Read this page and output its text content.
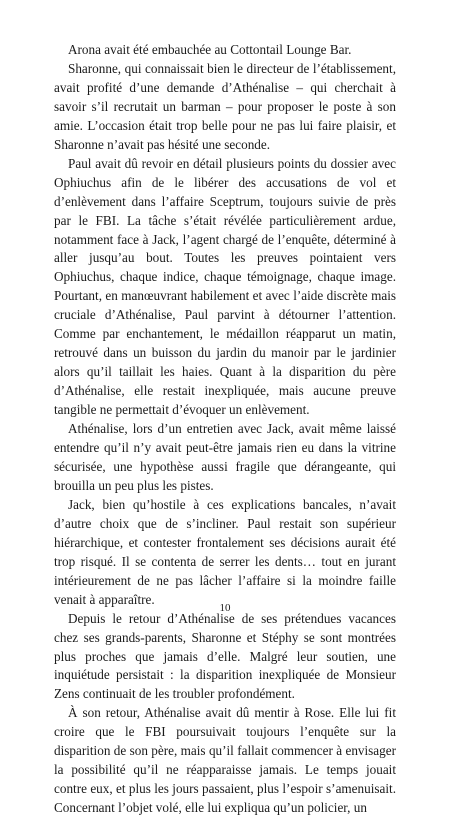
Arona avait été embauchée au Cottontail Lounge Bar.

Sharonne, qui connaissait bien le directeur de l’établissement, avait profité d’une demande d’Athénalise – qui cherchait à savoir s’il recrutait un barman – pour proposer le poste à son amie. L’occasion était trop belle pour ne pas lui faire plaisir, et Sharonne n’avait pas hésité une seconde.

Paul avait dû revoir en détail plusieurs points du dossier avec Ophiuchus afin de le libérer des accusations de vol et d’enlèvement dans l’affaire Sceptrum, toujours suivie de près par le FBI. La tâche s’était révélée particulièrement ardue, notamment face à Jack, l’agent chargé de l’enquête, déterminé à aller jusqu’au bout. Toutes les preuves pointaient vers Ophiuchus, chaque indice, chaque témoignage, chaque image. Pourtant, en manœuvrant habilement et avec l’aide discrète mais cruciale d’Athénalise, Paul parvint à détourner l’attention. Comme par enchantement, le médaillon réapparut un matin, retrouvé dans un buisson du jardin du manoir par le jardinier alors qu’il taillait les haies. Quant à la disparition du père d’Athénalise, elle restait inexpliquée, mais aucune preuve tangible ne permettait d’évoquer un enlèvement.

Athénalise, lors d’un entretien avec Jack, avait même laissé entendre qu’il n’y avait peut-être jamais rien eu dans la vitrine sécurisée, une hypothèse aussi fragile que dérangeante, qui brouilla un peu plus les pistes.

Jack, bien qu’hostile à ces explications bancales, n’avait d’autre choix que de s’incliner. Paul restait son supérieur hiérarchique, et contester frontalement ses décisions aurait été trop risqué. Il se contenta de serrer les dents… tout en jurant intérieurement de ne pas lâcher l’affaire si la moindre faille venait à apparaître.

Depuis le retour d’Athénalise de ses prétendues vacances chez ses grands-parents, Sharonne et Stéphy se sont montrées plus proches que jamais d’elle. Malgré leur soutien, une inquiétude persistait : la disparition inexpliquée de Monsieur Zens continuait de les troubler profondément.

À son retour, Athénalise avait dû mentir à Rose. Elle lui fit croire que le FBI poursuivait toujours l’enquête sur la disparition de son père, mais qu’il fallait commencer à envisager la possibilité qu’il ne réapparaisse jamais. Le temps jouait contre eux, et plus les jours passaient, plus l’espoir s’amenuisait. Concernant l’objet volé, elle lui expliqua qu’un policier, un

10
